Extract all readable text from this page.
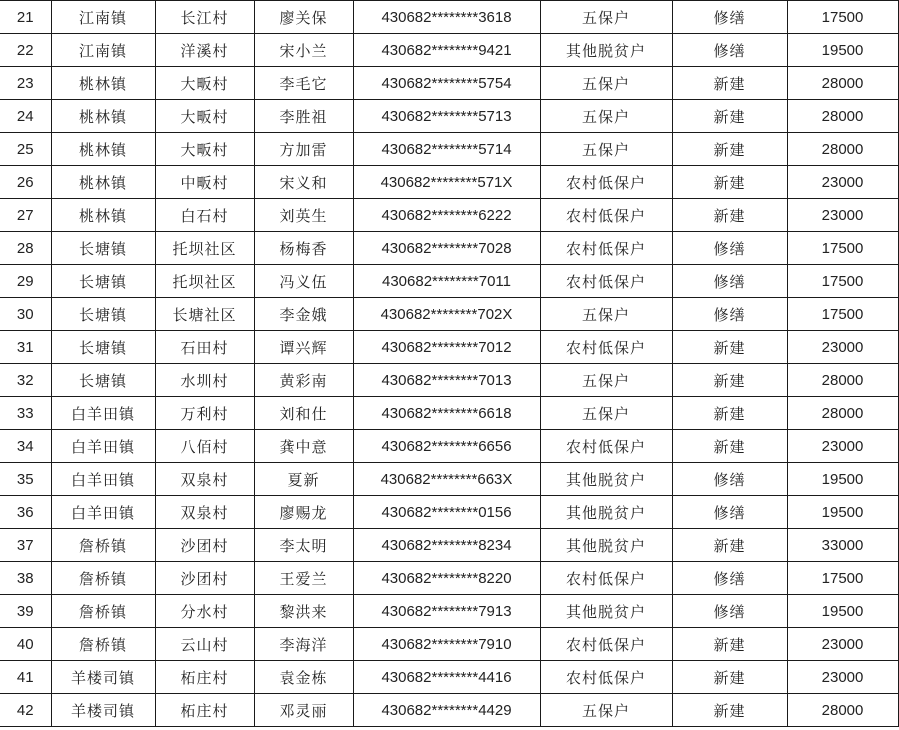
21	江南镇	长江村	廖关保	430682********3618	五保户	修缮	17500
22	江南镇	洋溪村	宋小兰	430682********9421	其他脱贫户	修缮	19500
23	桃林镇	大畈村	李毛它	430682********5754	五保户	新建	28000
24	桃林镇	大畈村	李胜祖	430682********5713	五保户	新建	28000
25	桃林镇	大畈村	方加雷	430682********5714	五保户	新建	28000
26	桃林镇	中畈村	宋义和	430682********571X	农村低保户	新建	23000
27	桃林镇	白石村	刘英生	430682********6222	农村低保户	新建	23000
28	长塘镇	托坝社区	杨梅香	430682********7028	农村低保户	修缮	17500
29	长塘镇	托坝社区	冯义伍	430682********7011	农村低保户	修缮	17500
30	长塘镇	长塘社区	李金娥	430682********702X	五保户	修缮	17500
31	长塘镇	石田村	谭兴辉	430682********7012	农村低保户	新建	23000
32	长塘镇	水圳村	黄彩南	430682********7013	五保户	新建	28000
33	白羊田镇	万利村	刘和仕	430682********6618	五保户	新建	28000
34	白羊田镇	八佰村	龚中意	430682********6656	农村低保户	新建	23000
35	白羊田镇	双泉村	夏新	430682********663X	其他脱贫户	修缮	19500
36	白羊田镇	双泉村	廖赐龙	430682********0156	其他脱贫户	修缮	19500
37	詹桥镇	沙团村	李太明	430682********8234	其他脱贫户	新建	33000
38	詹桥镇	沙团村	王爱兰	430682********8220	农村低保户	修缮	17500
39	詹桥镇	分水村	黎洪来	430682********7913	其他脱贫户	修缮	19500
40	詹桥镇	云山村	李海洋	430682********7910	农村低保户	新建	23000
41	羊楼司镇	柘庄村	袁金栋	430682********4416	农村低保户	新建	23000
42	羊楼司镇	柘庄村	邓灵丽	430682********4429	五保户	新建	28000
